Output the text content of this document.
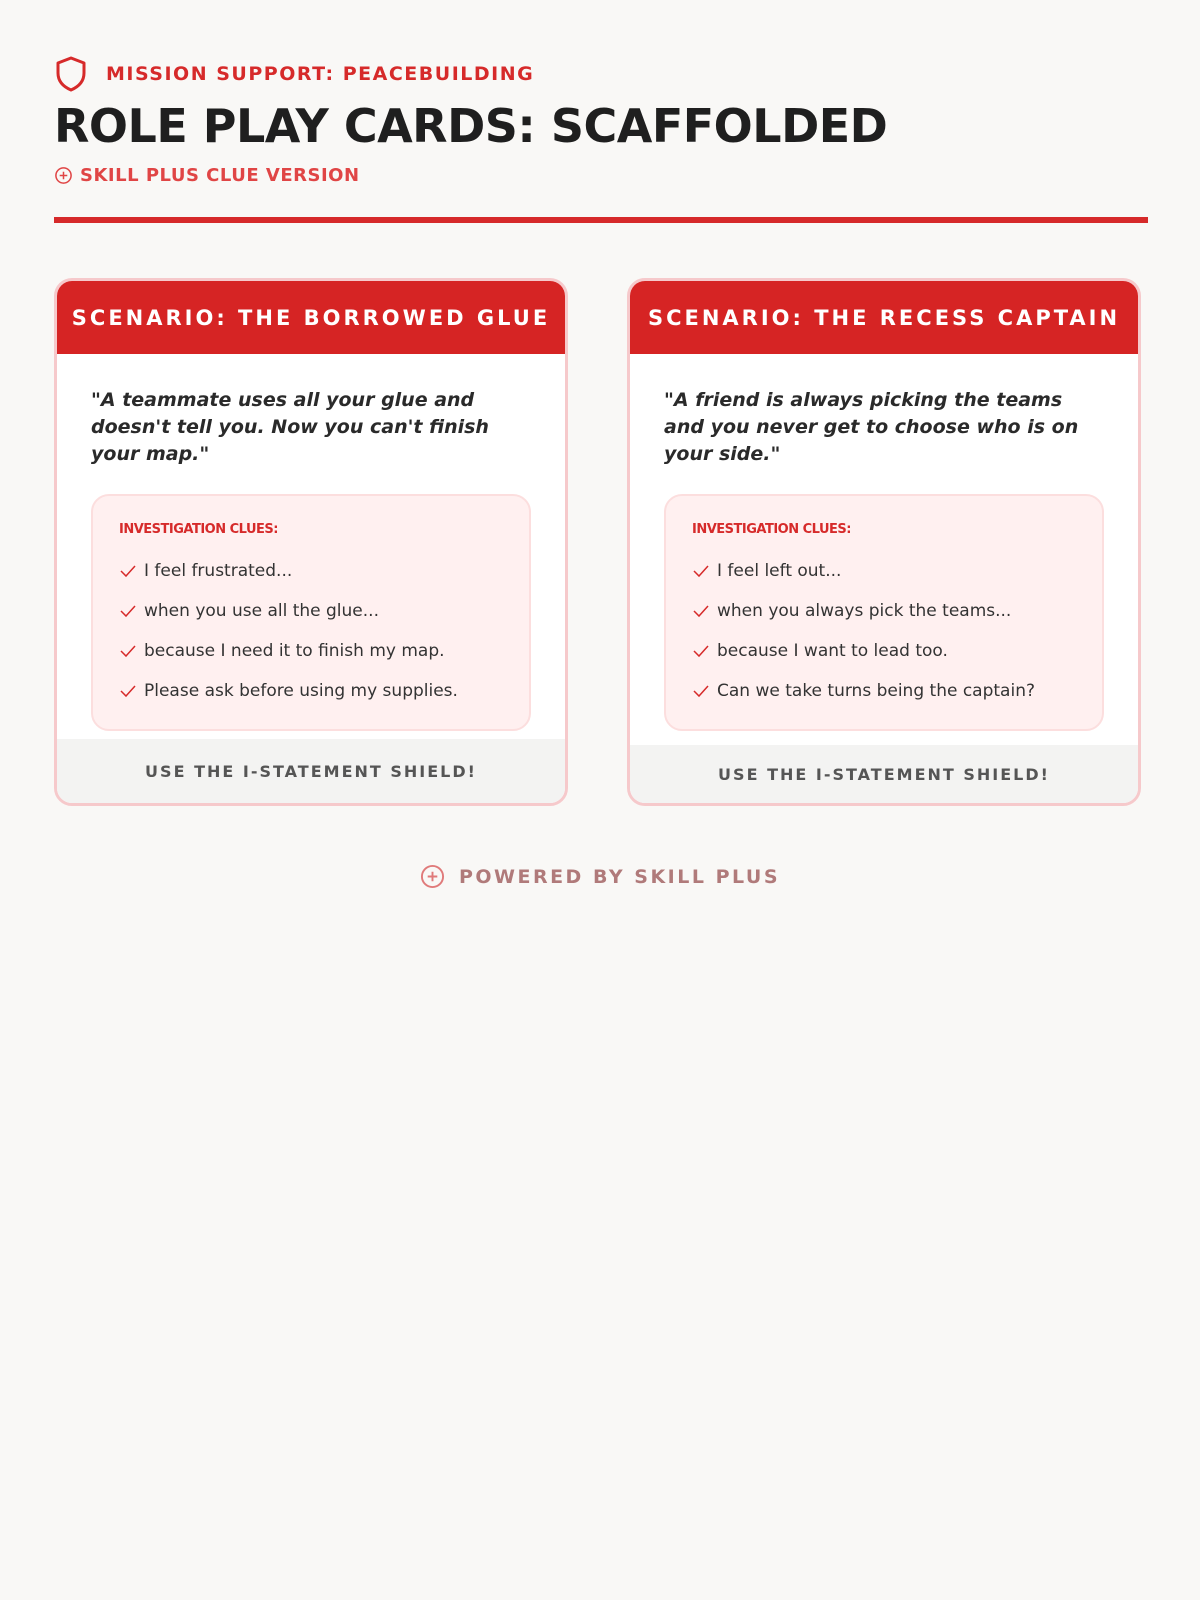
MISSION SUPPORT: PEACEBUILDING
ROLE PLAY CARDS: SCAFFOLDED
SKILL PLUS CLUE VERSION
SCENARIO: THE BORROWED GLUE
"A teammate uses all your glue and doesn't tell you. Now you can't finish your map."
INVESTIGATION CLUES:
I feel frustrated...
when you use all the glue...
because I need it to finish my map.
Please ask before using my supplies.
USE THE I-STATEMENT SHIELD!
SCENARIO: THE RECESS CAPTAIN
"A friend is always picking the teams and you never get to choose who is on your side."
INVESTIGATION CLUES:
I feel left out...
when you always pick the teams...
because I want to lead too.
Can we take turns being the captain?
USE THE I-STATEMENT SHIELD!
POWERED BY SKILL PLUS
